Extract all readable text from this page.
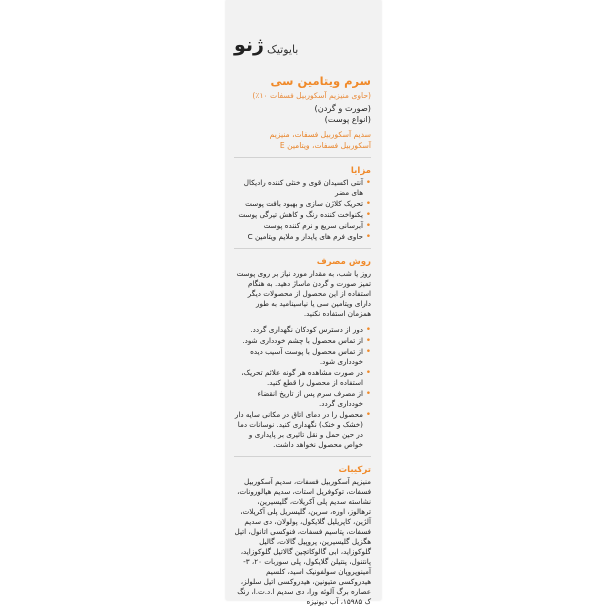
بایوتیک
ژنو
سرم ویتامین سی
(حاوی منیزیم آسکوربیل فسفات ۱۰٪)
(صورت و گردن)
(انواع پوست)
سدیم آسکوربیل فسفات، منیزیم
آسکوربیل فسفات، ویتامین E
مزایا
• آنتی اکسیدان قوی و خنثی کننده رادیکال های مضر
• تحریک کلاژن سازی و بهبود بافت پوست
• یکنواخت کننده رنگ و کاهش تیرگی پوست
• آبرسانی سریع و نرم کننده پوست
• حاوی فرم های پایدار و ملایم ویتامین C
روش مصرف

روز یا شب، به مقدار مورد نیاز بر روی پوست تمیز صورت و گردن ماساژ دهید. به هنگام استفاده از این محصول از محصولات دیگر دارای ویتامین سی یا نیاسینامید به طور همزمان استفاده نکنید.

• دور از دسترس کودکان نگهداری گردد.
• از تماس محصول با چشم خودداری شود.
• از تماس محصول با پوست آسیب دیده خودداری شود.
• در صورت مشاهده هر گونه علائم تحریک، استفاده از محصول را قطع کنید.
• از مصرف سرم پس از تاریخ انقضاء خودداری گردد.
• محصول را در دمای اتاق در مکانی سایه دار (خشک و خنک) نگهداری کنید. نوسانات دما در حین حمل و نقل تاثیری بر پایداری و خواص محصول نخواهد داشت.
ترکیبات

منیزیم آسکوربیل فسفات، سدیم آسکوربیل فسفات، توکوفریل استات، سدیم هیالورونات، نشاسته سدیم پلی آکریلات، گلیسیرین، ترهالوز، اوره، سرین، گلیسریل پلی آکریلات، آلژین، کاپریلیل گلایکول، پولولان، دی سدیم فسفات، پتاسیم فسفات، فنوکسی اتانول، اتیل هگزیل گلیسیرین، پروپیل گالات، گالیل گلوکوزاید، ابی گالوکاتچین گالاتیل گلوکوزاید، پانتنول، پنتیلن گلایکول، پلی سوربات ۲۰، ۳-آمینوپروپان سولفونیک اسید، کلسیم هیدروکسی متیونین، هیدروکسی اتیل سلولز، عصاره برگ آلوئه ورا، دی سدیم ا.د.ت.ا، رنگ ک ۱۵۹۸۵، آب دیونیزه
